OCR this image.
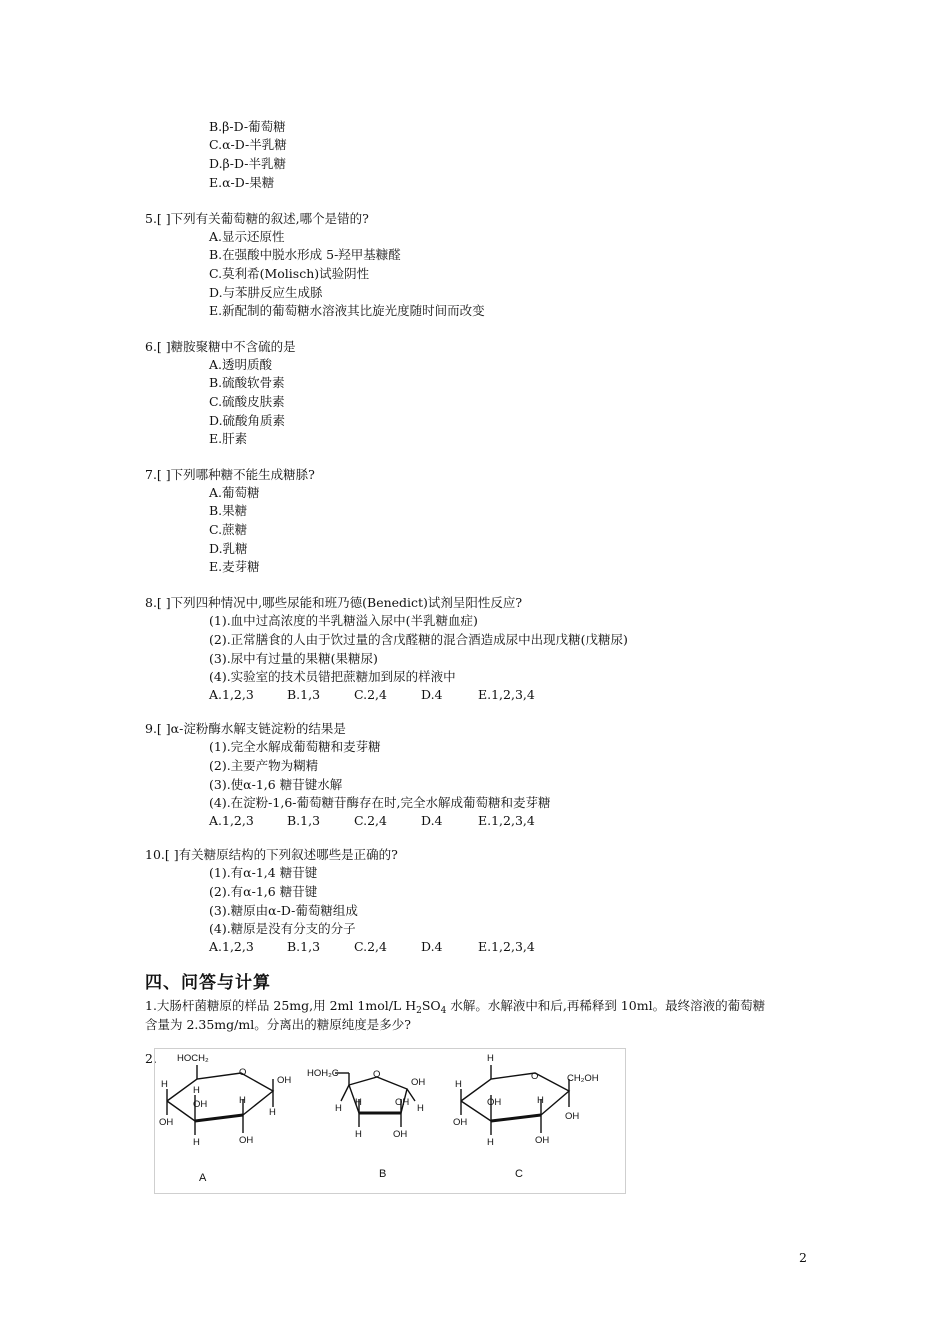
B.β-D-葡萄糖
C.α-D-半乳糖
D.β-D-半乳糖
E.α-D-果糖
5.[ ]下列有关葡萄糖的叙述,哪个是错的?
A.显示还原性
B.在强酸中脱水形成 5-羟甲基糠醛
C.莫利希(Molisch)试验阴性
D.与苯肼反应生成脎
E.新配制的葡萄糖水溶液其比旋光度随时间而改变
6.[ ]糖胺聚糖中不含硫的是
A.透明质酸
B.硫酸软骨素
C.硫酸皮肤素
D.硫酸角质素
E.肝素
7.[ ]下列哪种糖不能生成糖脎?
A.葡萄糖
B.果糖
C.蔗糖
D.乳糖
E.麦芽糖
8.[ ]下列四种情况中,哪些尿能和班乃德(Benedict)试剂呈阳性反应?
(1).血中过高浓度的半乳糖溢入尿中(半乳糖血症)
(2).正常膳食的人由于饮过量的含戊醛糖的混合酒造成尿中出现戊糖(戊糖尿)
(3).尿中有过量的果糖(果糖尿)
(4).实验室的技术员错把蔗糖加到尿的样液中
A.1,2,3	B.1,3	C.2,4	D.4	E.1,2,3,4
9.[ ]α-淀粉酶水解支链淀粉的结果是
(1).完全水解成葡萄糖和麦芽糖
(2).主要产物为糊精
(3).使α-1,6 糖苷键水解
(4).在淀粉-1,6-葡萄糖苷酶存在时,完全水解成葡萄糖和麦芽糖
A.1,2,3	B.1,3	C.2,4	D.4	E.1,2,3,4
10.[ ]有关糖原结构的下列叙述哪些是正确的?
(1).有α-1,4 糖苷键
(2).有α-1,6 糖苷键
(3).糖原由α-D-葡萄糖组成
(4).糖原是没有分支的分子
A.1,2,3	B.1,3	C.2,4	D.4	E.1,2,3,4
四、问答与计算
1.大肠杆菌糖原的样品 25mg,用 2ml 1mol/L $H_2SO_4$ 水解。水解液中和后,再稀释到 10ml。最终溶液的葡萄糖
含量为 2.35mg/ml。分离出的糖原纯度是多少?
2. HOCH₂
H
H
O
OH
OH	H
H
OH
H	OH
A
HOH₂C	O
OH
H
H	OH
H
H	OH
B
H
H
O	CH₂OH
OH	H
OH
OH
H	OH
C
2
